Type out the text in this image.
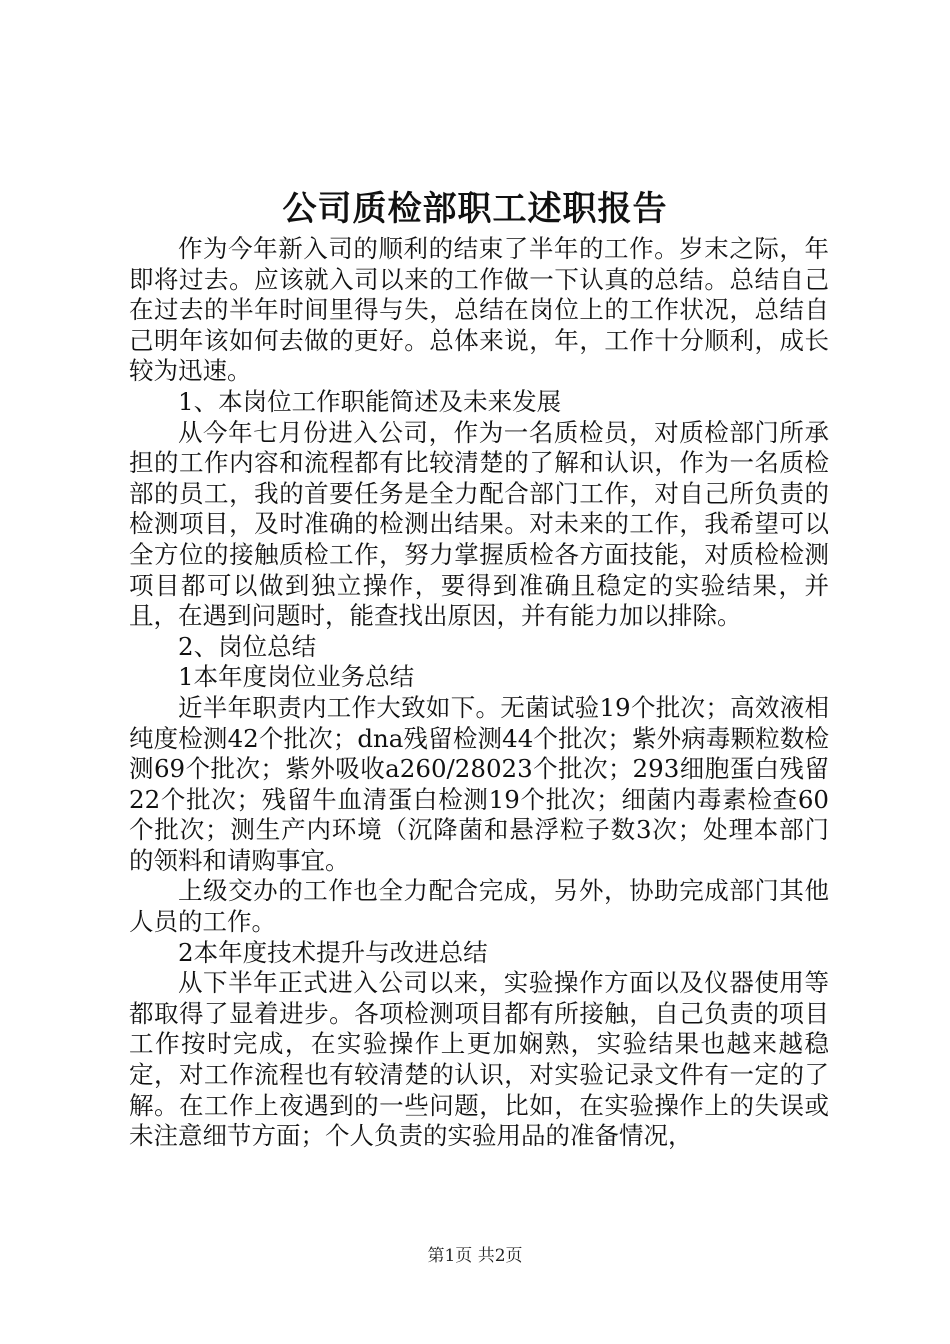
公司质检部职工述职报告

作为今年新入司的顺利的结束了半年的工作。岁末之际，年即将过去。应该就入司以来的工作做一下认真的总结。总结自己在过去的半年时间里得与失，总结在岗位上的工作状况，总结自己明年该如何去做的更好。总体来说，年，工作十分顺利，成长较为迅速。

1、本岗位工作职能简述及未来发展

从今年七月份进入公司，作为一名质检员，对质检部门所承担的工作内容和流程都有比较清楚的了解和认识，作为一名质检部的员工，我的首要任务是全力配合部门工作，对自己所负责的检测项目，及时准确的检测出结果。对未来的工作，我希望可以全方位的接触质检工作，努力掌握质检各方面技能，对质检检测项目都可以做到独立操作，要得到准确且稳定的实验结果，并且，在遇到问题时，能查找出原因，并有能力加以排除。

2、岗位总结

1本年度岗位业务总结

近半年职责内工作大致如下。无菌试验19个批次；高效液相纯度检测42个批次；dna残留检测44个批次；紫外病毒颗粒数检测69个批次；紫外吸收a260/28023个批次；293细胞蛋白残留22个批次；残留牛血清蛋白检测19个批次；细菌内毒素检查60个批次；测生产内环境（沉降菌和悬浮粒子数3次；处理本部门的领料和请购事宜。

上级交办的工作也全力配合完成，另外，协助完成部门其他人员的工作。

2本年度技术提升与改进总结

从下半年正式进入公司以来，实验操作方面以及仪器使用等都取得了显着进步。各项检测项目都有所接触，自己负责的项目工作按时完成，在实验操作上更加娴熟，实验结果也越来越稳定，对工作流程也有较清楚的认识，对实验记录文件有一定的了解。在工作上夜遇到的一些问题，比如，在实验操作上的失误或未注意细节方面；个人负责的实验用品的准备情况，

第1页 共2页
